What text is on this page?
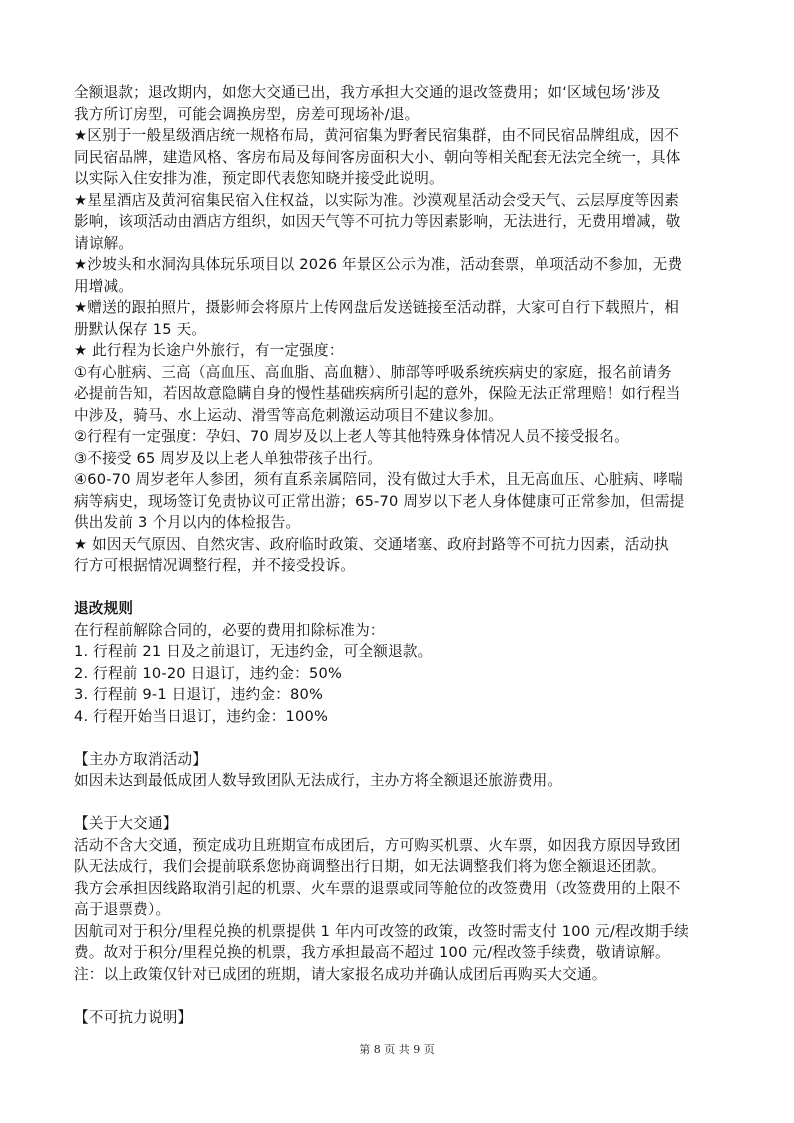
全额退款；退改期内，如您大交通已出，我方承担大交通的退改签费用；如‘区域包场’涉及
我方所订房型，可能会调换房型，房差可现场补/退。
★区别于一般星级酒店统一规格布局，黄河宿集为野奢民宿集群，由不同民宿品牌组成，因不
同民宿品牌，建造风格、客房布局及每间客房面积大小、朝向等相关配套无法完全统一，具体
以实际入住安排为准，预定即代表您知晓并接受此说明。
★星星酒店及黄河宿集民宿入住权益，以实际为准。沙漠观星活动会受天气、云层厚度等因素
影响，该项活动由酒店方组织，如因天气等不可抗力等因素影响，无法进行，无费用增减，敬
请谅解。
★沙坡头和水洞沟具体玩乐项目以 2026 年景区公示为准，活动套票，单项活动不参加，无费
用增减。
★赠送的跟拍照片，摄影师会将原片上传网盘后发送链接至活动群，大家可自行下载照片，相
册默认保存 15 天。
★ 此行程为长途户外旅行，有一定强度：
①有心脏病、三高（高血压、高血脂、高血糖）、肺部等呼吸系统疾病史的家庭，报名前请务
必提前告知，若因故意隐瞒自身的慢性基础疾病所引起的意外，保险无法正常理赔！如行程当
中涉及，骑马、水上运动、滑雪等高危刺激运动项目不建议参加。
②行程有一定强度：孕妇、70 周岁及以上老人等其他特殊身体情况人员不接受报名。
③不接受 65 周岁及以上老人单独带孩子出行。
④60-70 周岁老年人参团，须有直系亲属陪同，没有做过大手术，且无高血压、心脏病、哮喘
病等病史，现场签订免责协议可正常出游；65-70 周岁以下老人身体健康可正常参加，但需提
供出发前 3 个月以内的体检报告。
★ 如因天气原因、自然灾害、政府临时政策、交通堵塞、政府封路等不可抗力因素，活动执
行方可根据情况调整行程，并不接受投诉。
退改规则
在行程前解除合同的，必要的费用扣除标准为：
1. 行程前 21 日及之前退订，无违约金，可全额退款。
2. 行程前 10-20 日退订，违约金：50%
3. 行程前 9-1 日退订，违约金：80%
4. 行程开始当日退订，违约金：100%
【主办方取消活动】
如因未达到最低成团人数导致团队无法成行，主办方将全额退还旅游费用。
【关于大交通】
活动不含大交通，预定成功且班期宣布成团后，方可购买机票、火车票，如因我方原因导致团
队无法成行，我们会提前联系您协商调整出行日期，如无法调整我们将为您全额退还团款。
我方会承担因线路取消引起的机票、火车票的退票或同等舱位的改签费用（改签费用的上限不
高于退票费）。
因航司对于积分/里程兑换的机票提供 1 年内可改签的政策，改签时需支付 100 元/程改期手续
费。故对于积分/里程兑换的机票，我方承担最高不超过 100 元/程改签手续费，敬请谅解。
注：以上政策仅针对已成团的班期，请大家报名成功并确认成团后再购买大交通。
【不可抗力说明】
第 8 页 共 9 页
